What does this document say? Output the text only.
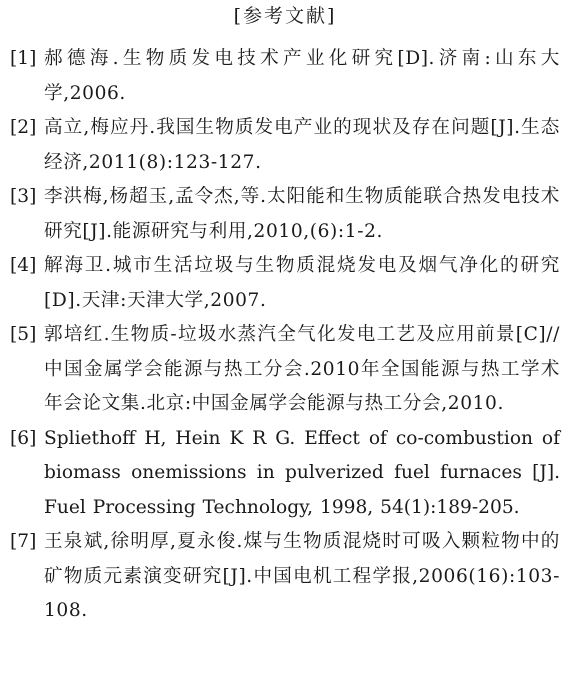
[参考文献]
[1] 郝德海.生物质发电技术产业化研究[D].济南:山东大学,2006.
[2] 高立,梅应丹.我国生物质发电产业的现状及存在问题[J].生态经济,2011(8):123-127.
[3] 李洪梅,杨超玉,孟令杰,等.太阳能和生物质能联合热发电技术研究[J].能源研究与利用,2010,(6):1-2.
[4] 解海卫.城市生活垃圾与生物质混烧发电及烟气净化的研究[D].天津:天津大学,2007.
[5] 郭培红.生物质-垃圾水蒸汽全气化发电工艺及应用前景[C]//中国金属学会能源与热工分会.2010年全国能源与热工学术年会论文集.北京:中国金属学会能源与热工分会,2010.
[6] Spliethoff H, Hein K R G. Effect of co-combustion of biomass onemissions in pulverized fuel furnaces [J]. Fuel Processing Technology, 1998, 54(1):189-205.
[7] 王泉斌,徐明厚,夏永俊.煤与生物质混烧时可吸入颗粒物中的矿物质元素演变研究[J].中国电机工程学报,2006(16):103-108.
